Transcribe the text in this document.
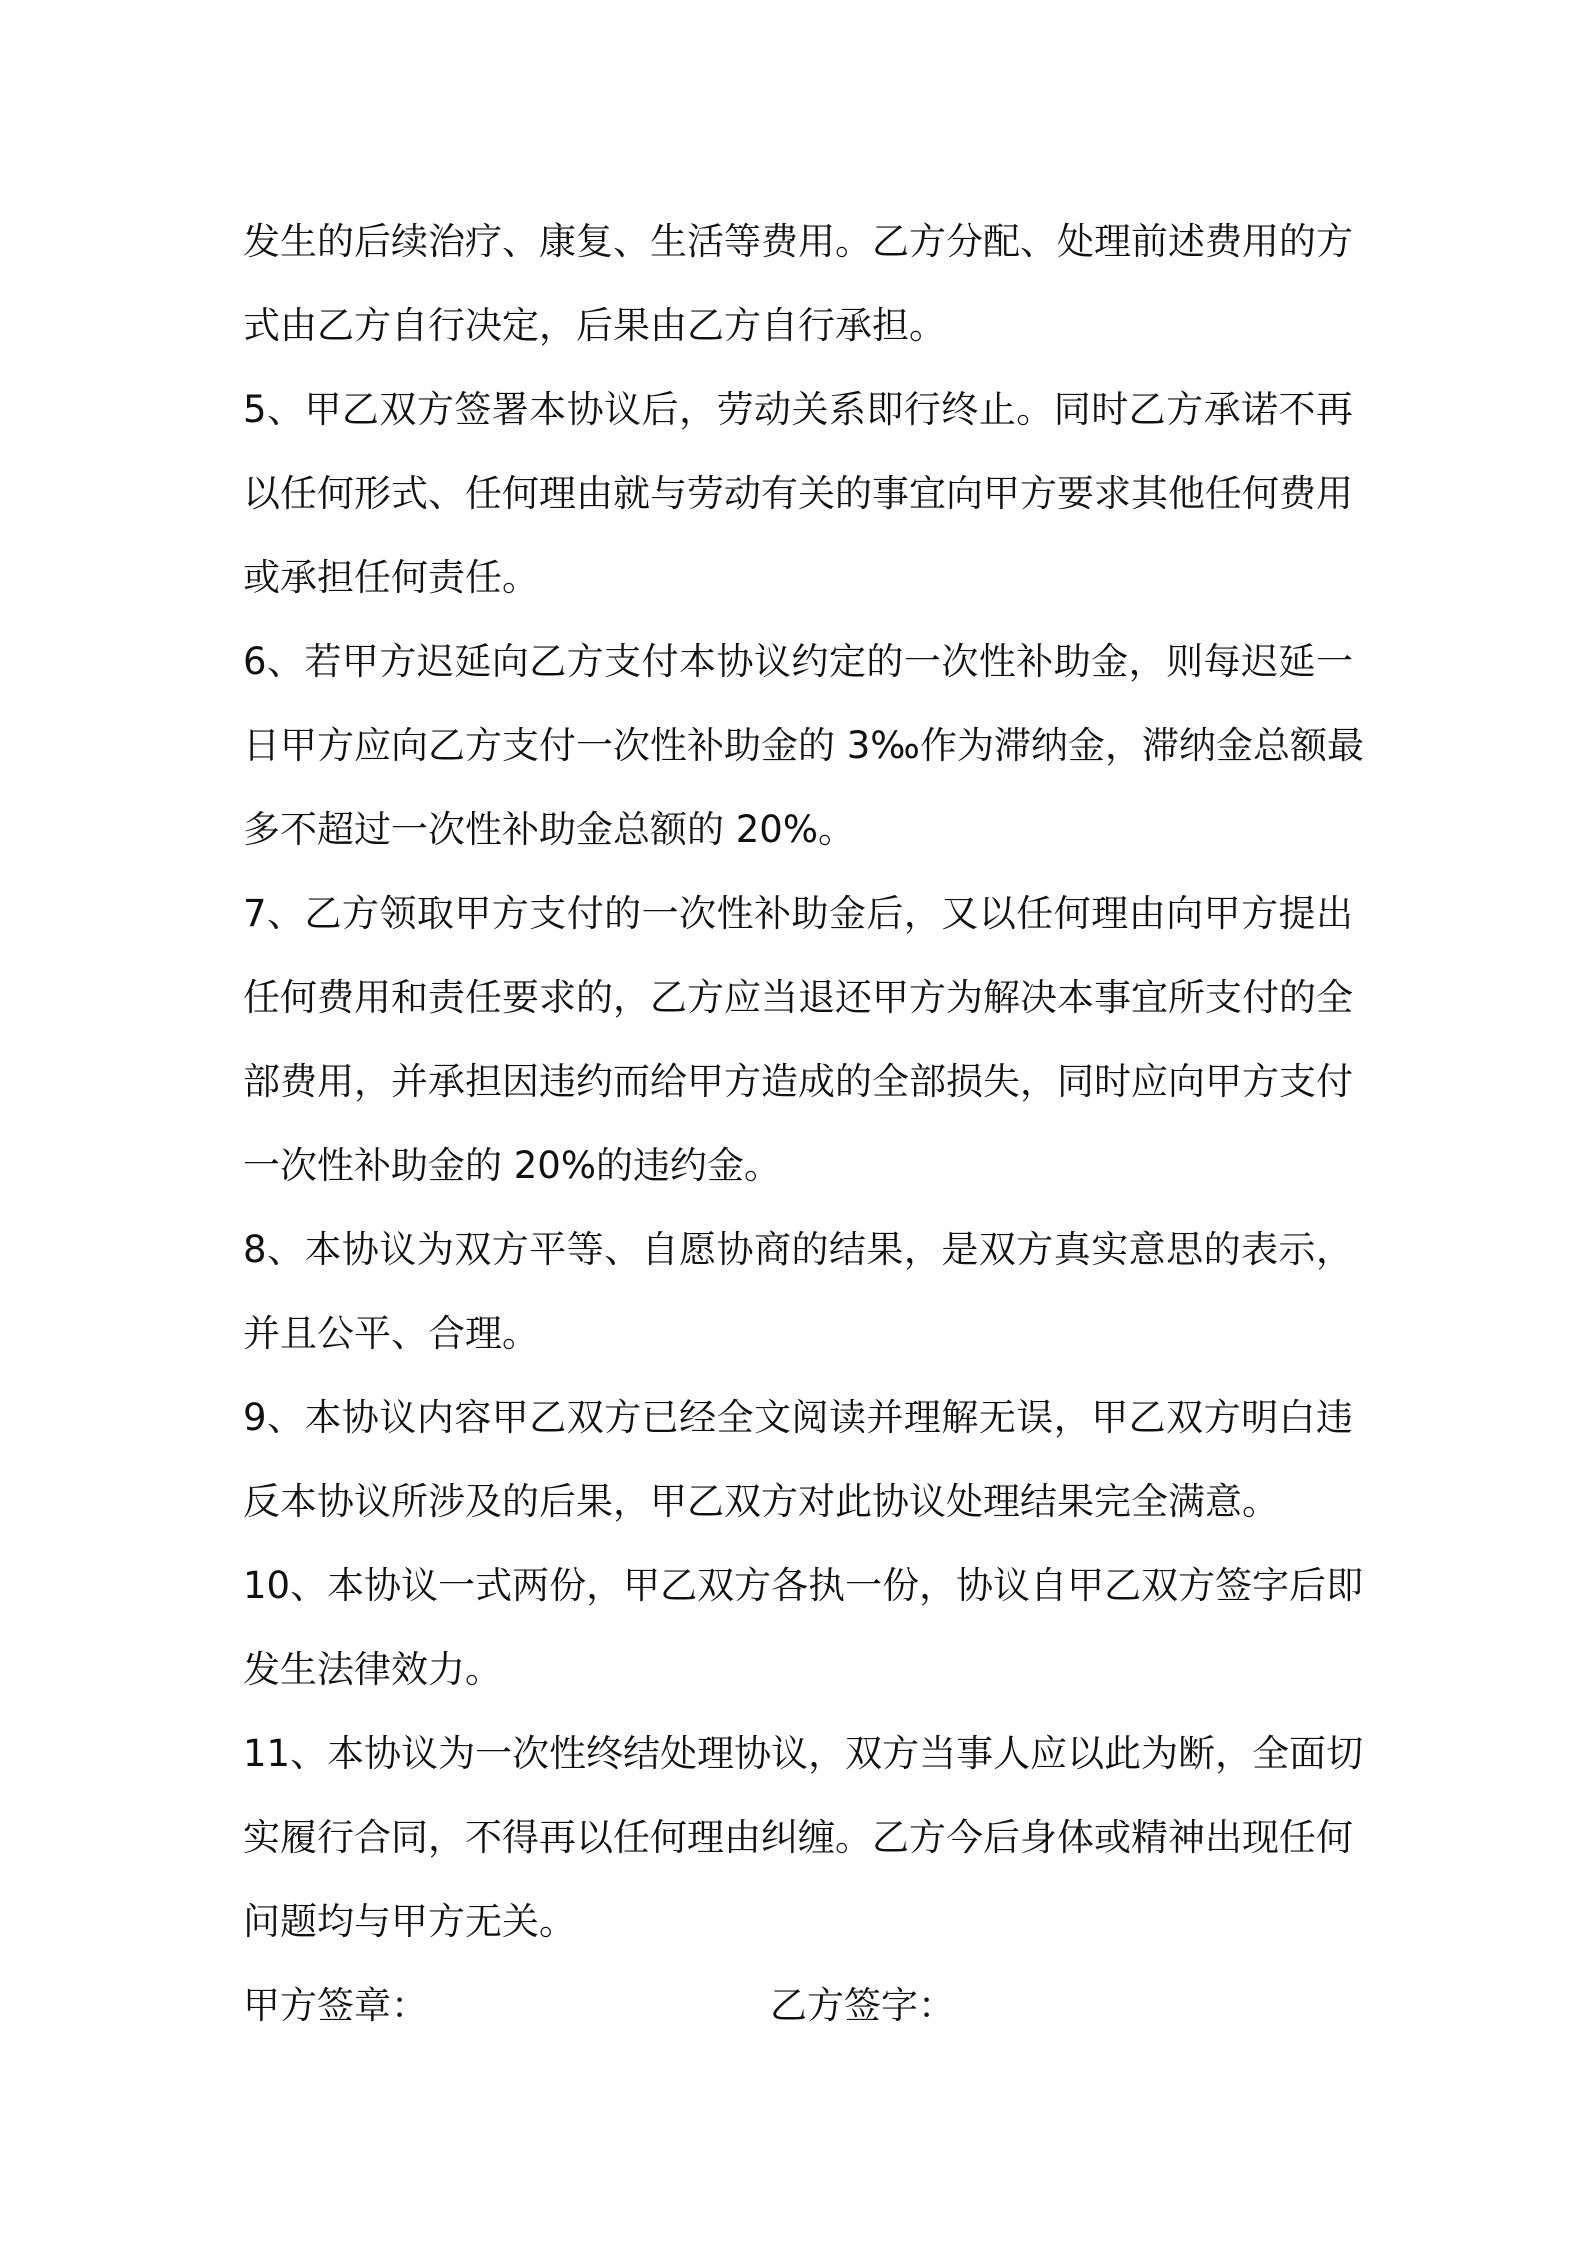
发生的后续治疗、康复、生活等费用。乙方分配、处理前述费用的方
式由乙方自行决定，后果由乙方自行承担。
5、甲乙双方签署本协议后，劳动关系即行终止。同时乙方承诺不再
以任何形式、任何理由就与劳动有关的事宜向甲方要求其他任何费用
或承担任何责任。
6、若甲方迟延向乙方支付本协议约定的一次性补助金，则每迟延一
日甲方应向乙方支付一次性补助金的 3‰作为滞纳金，滞纳金总额最
多不超过一次性补助金总额的 20%。
7、乙方领取甲方支付的一次性补助金后，又以任何理由向甲方提出
任何费用和责任要求的，乙方应当退还甲方为解决本事宜所支付的全
部费用，并承担因违约而给甲方造成的全部损失，同时应向甲方支付
一次性补助金的 20%的违约金。
8、本协议为双方平等、自愿协商的结果，是双方真实意思的表示，
并且公平、合理。
9、本协议内容甲乙双方已经全文阅读并理解无误，甲乙双方明白违
反本协议所涉及的后果，甲乙双方对此协议处理结果完全满意。
10、本协议一式两份，甲乙双方各执一份，协议自甲乙双方签字后即
发生法律效力。
11、本协议为一次性终结处理协议，双方当事人应以此为断，全面切
实履行合同，不得再以任何理由纠缠。乙方今后身体或精神出现任何
问题均与甲方无关。
甲方签章：	乙方签字：
